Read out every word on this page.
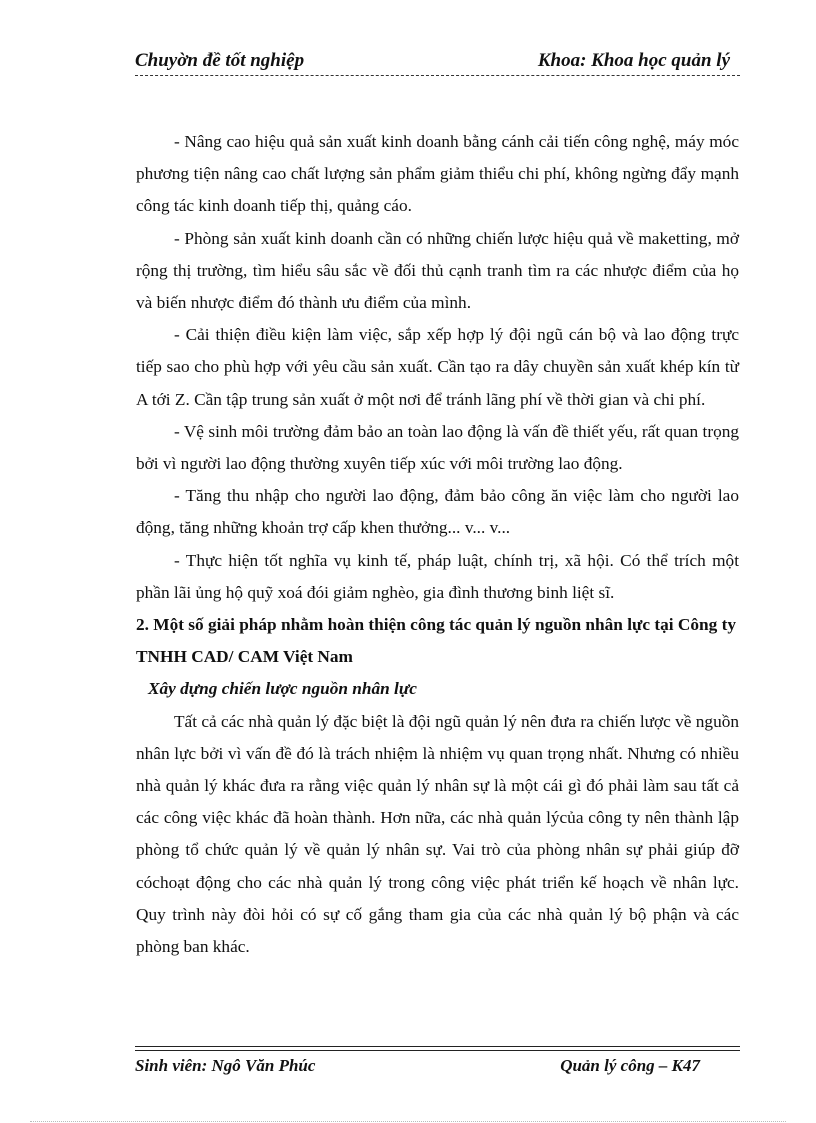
Chuyờn đề tốt nghiệp	Khoa: Khoa học quản lý

- Nâng cao hiệu quả sản xuất kinh doanh bằng cánh cải tiến công nghệ, máy móc phương tiện nâng cao chất lượng sản phẩm giảm thiểu chi phí, không ngừng đẩy mạnh công tác kinh doanh tiếp thị, quảng cáo.

- Phòng sản xuất kinh doanh cần có những chiến lược hiệu quả về maketting, mở rộng thị trường, tìm hiểu sâu sắc về đối thủ cạnh tranh tìm ra các nhược điểm của họ và biến nhược điểm đó thành ưu điểm của mình.

- Cải thiện điều kiện làm việc, sắp xếp hợp lý đội ngũ cán bộ và lao động trực tiếp sao cho phù hợp với yêu cầu sản xuất. Cần tạo ra dây chuyền sản xuất khép kín từ A tới Z. Cần tập trung sản xuất ở một nơi để tránh lãng phí về thời gian và chi phí.

- Vệ sinh môi trường đảm bảo an toàn lao động là vấn đề thiết yếu, rất quan trọng bởi vì người lao động thường xuyên tiếp xúc với môi trường lao động.

- Tăng thu nhập cho người lao động, đảm bảo công ăn việc làm cho người lao động, tăng những khoản trợ cấp khen thưởng... v... v...

- Thực hiện tốt nghĩa vụ kinh tế, pháp luật, chính trị, xã hội. Có thể trích một phần lãi ủng hộ quỹ xoá đói giảm nghèo, gia đình thương binh liệt sĩ.

2. Một số giải pháp nhằm hoàn thiện công tác quản lý nguồn nhân lực tại Công ty TNHH CAD/ CAM Việt Nam
Xây dựng chiến lược nguồn nhân lực

Tất cả các nhà quản lý đặc biệt là đội ngũ quản lý nên đưa ra chiến lược về nguồn nhân lực bởi vì vấn đề đó là trách nhiệm là nhiệm vụ quan trọng nhất. Nhưng có nhiều nhà quản lý khác đưa ra rằng việc quản lý nhân sự là một cái gì đó phải làm sau tất cả các công việc khác đã hoàn thành. Hơn nữa, các nhà quản lýcủa công ty nên thành lập phòng tổ chức quản lý về quản lý nhân sự. Vai trò của phòng nhân sự phải giúp đỡ cóchoạt động cho các nhà quản lý trong công việc phát triển kế hoạch về nhân lực. Quy trình này đòi hỏi có sự cố gắng tham gia của các nhà quản lý bộ phận và các phòng ban khác.

Sinh viên: Ngô Văn Phúc	Quản lý công – K47
